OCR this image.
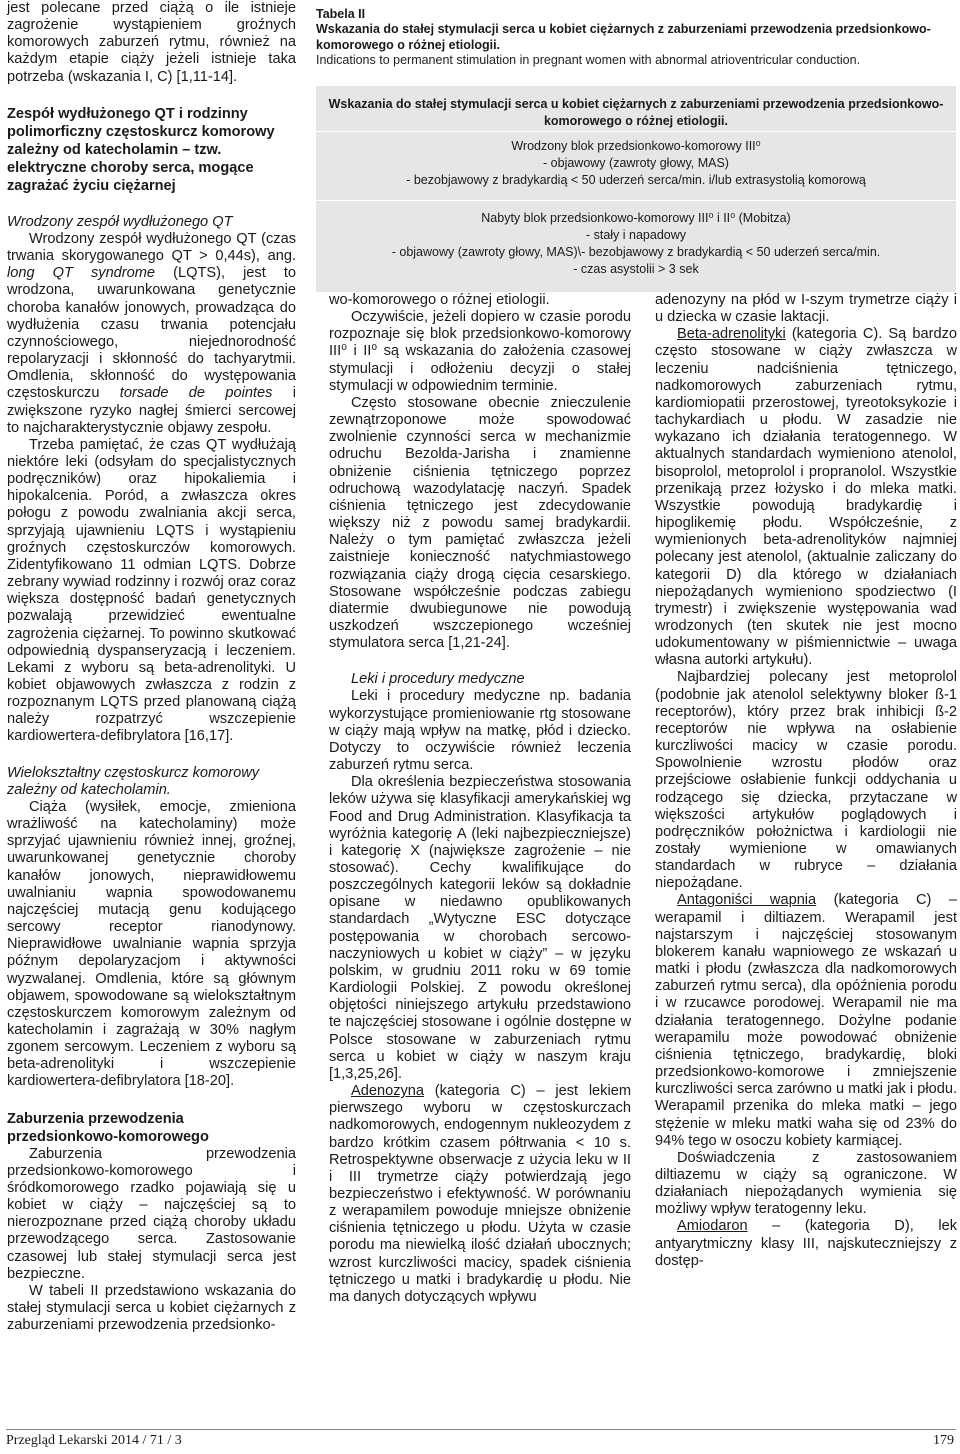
jest polecane przed ciążą o ile istnieje zagrożenie wystąpieniem groźnych komorowych zaburzeń rytmu, również na każdym etapie ciąży jeżeli istnieje taka potrzeba (wskazania I, C) [1,11-14].

Zespół wydłużonego QT i rodzinny polimorficzny częstoskurcz komorowy zależny od katecholamin – tzw. elektryczne choroby serca, mogące zagrażać życiu ciężarnej

Wrodzony zespół wydłużonego QT

Wrodzony zespół wydłużonego QT (czas trwania skorygowanego QT > 0,44s), ang. long QT syndrome (LQTS), jest to wrodzona, uwarunkowana genetycznie choroba kanałów jonowych, prowadząca do wydłużenia czasu trwania potencjału czynnościowego, niejednorodność repolaryzacji i skłonność do tachyarytmii. Omdlenia, skłonność do występowania częstoskurczu torsade de pointes i zwiększone ryzyko nagłej śmierci sercowej to najcharakterystycznie objawy zespołu.

Trzeba pamiętać, że czas QT wydłużają niektóre leki (odsyłam do specjalistycznych podręczników) oraz hipokaliemia i hipokalcenia. Poród, a zwłaszcza okres połogu z powodu zwalniania akcji serca, sprzyjają ujawnieniu LQTS i wystąpieniu groźnych częstoskurczów komorowych. Zidentyfikowano 11 odmian LQTS. Dobrze zebrany wywiad rodzinny i rozwój oraz coraz większa dostępność badań genetycznych pozwalają przewidzieć ewentualne zagrożenia ciężarnej. To powinno skutkować odpowiednią dyspanseryzacją i leczeniem. Lekami z wyboru są beta-adrenolityki. U kobiet objawowych zwłaszcza z rodzin z rozpoznanym LQTS przed planowaną ciążą należy rozpatrzyć wszczepienie kardiowertera-defibrylatora [16,17].

Wielokształtny częstoskurcz komorowy zależny od katecholamin.

Ciąża (wysiłek, emocje, zmieniona wrażliwość na katecholaminy) może sprzyjać ujawnieniu również innej, groźnej, uwarunkowanej genetycznie choroby kanałów jonowych, nieprawidłowemu uwalnianiu wapnia spowodowanemu najczęściej mutacją genu kodującego sercowy receptor rianodynowy. Nieprawidłowe uwalnianie wapnia sprzyja późnym depolaryzacjom i aktywności wyzwalanej. Omdlenia, które są głównym objawem, spowodowane są wielokształtnym częstoskurczem komorowym zależnym od katecholamin i zagrażają w 30% nagłym zgonem sercowym. Leczeniem z wyboru są beta-adrenolityki i wszczepienie kardiowertera-defibrylatora [18-20].

Zaburzenia przewodzenia przedsionkowo-komorowego

Zaburzenia przewodzenia przedsionkowo-komorowego i śródkomorowego rzadko pojawiają się u kobiet w ciąży – najczęściej są to nierozpoznane przed ciążą choroby układu przewodzącego serca. Zastosowanie czasowej lub stałej stymulacji serca jest bezpieczne.

W tabeli II przedstawiono wskazania do stałej stymulacji serca u kobiet ciężarnych z zaburzeniami przewodzenia przedsionko-

Tabela II

Wskazania do stałej stymulacji serca u kobiet ciężarnych z zaburzeniami przewodzenia przedsionkowo-komorowego o różnej etiologii.

Indications to permanent stimulation in pregnant women with abnormal atrioventricular conduction.

Wskazania do stałej stymulacji serca u kobiet ciężarnych z zaburzeniami przewodzenia przedsionkowo-komorowego o różnej etiologii.
Wrodzony blok przedsionkowo-komorowy III⁰
- objawowy (zawroty głowy, MAS)
- bezobjawowy z bradykardią < 50 uderzeń serca/min. i/lub extrasystolią komorową
Nabyty blok przedsionkowo-komorowy III⁰ i II⁰ (Mobitza)
- stały i napadowy
- objawowy (zawroty głowy, MAS)\- bezobjawowy z bradykardią < 50 uderzeń serca/min.
- czas asystolii > 3 sek

wo-komorowego o różnej etiologii.

Oczywiście, jeżeli dopiero w czasie porodu rozpoznaje się blok przedsionkowo-komorowy III⁰ i II⁰ są wskazania do założenia czasowej stymulacji i odłożeniu decyzji o stałej stymulacji w odpowiednim terminie.

Często stosowane obecnie znieczulenie zewnątrzoponowe może spowodować zwolnienie czynności serca w mechanizmie odruchu Bezolda-Jarisha i znamienne obniżenie ciśnienia tętniczego poprzez odruchową wazodylatację naczyń. Spadek ciśnienia tętniczego jest zdecydowanie większy niż z powodu samej bradykardii. Należy o tym pamiętać zwłaszcza jeżeli zaistnieje konieczność natychmiastowego rozwiązania ciąży drogą cięcia cesarskiego. Stosowane współcześnie podczas zabiegu diatermie dwubiegunowe nie powodują uszkodzeń wszczepionego wcześniej stymulatora serca [1,21-24].

Leki i procedury medyczne

Leki i procedury medyczne np. badania wykorzystujące promieniowanie rtg stosowane w ciąży mają wpływ na matkę, płód i dziecko. Dotyczy to oczywiście również leczenia zaburzeń rytmu serca.

Dla określenia bezpieczeństwa stosowania leków używa się klasyfikacji amerykańskiej wg Food and Drug Administration. Klasyfikacja ta wyróżnia kategorię A (leki najbezpieczniejsze) i kategorię X (największe zagrożenie – nie stosować). Cechy kwalifikujące do poszczególnych kategorii leków są dokładnie opisane w niedawno opublikowanych standardach „Wytyczne ESC dotyczące postępowania w chorobach sercowo-naczyniowych u kobiet w ciąży” – w języku polskim, w grudniu 2011 roku w 69 tomie Kardiologii Polskiej. Z powodu określonej objętości niniejszego artykułu przedstawiono te najczęściej stosowane i ogólnie dostępne w Polsce stosowane w zaburzeniach rytmu serca u kobiet w ciąży w naszym kraju [1,3,25,26].

Adenozyna (kategoria C) – jest lekiem pierwszego wyboru w częstoskurczach nadkomorowych, endogennym nukleozydem z bardzo krótkim czasem półtrwania < 10 s. Retrospektywne obserwacje z użycia leku w II i III trymetrze ciąży potwierdzają jego bezpieczeństwo i efektywność. W porównaniu z werapamilem powoduje mniejsze obniżenie ciśnienia tętniczego u płodu. Użyta w czasie porodu ma niewielką ilość działań ubocznych; wzrost kurczliwości macicy, spadek ciśnienia tętniczego u matki i bradykardię u płodu. Nie ma danych dotyczących wpływu

adenozyny na płód w I-szym trymetrze ciąży i u dziecka w czasie laktacji.

Beta-adrenolityki (kategoria C). Są bardzo często stosowane w ciąży zwłaszcza w leczeniu nadciśnienia tętniczego, nadkomorowych zaburzeniach rytmu, kardiomiopatii przerostowej, tyreotoksykozie i tachykardiach u płodu. W zasadzie nie wykazano ich działania teratogennego. W aktualnych standardach wymieniono atenolol, bisoprolol, metoprolol i propranolol. Wszystkie przenikają przez łożysko i do mleka matki. Wszystkie powodują bradykardię i hipoglikemię płodu. Współcześnie, z wymienionych beta-adrenolityków najmniej polecany jest atenolol, (aktualnie zaliczany do kategorii D) dla którego w działaniach niepożądanych wymieniono spodziectwo (I trymestr) i zwiększenie występowania wad wrodzonych (ten skutek nie jest mocno udokumentowany w piśmiennictwie – uwaga własna autorki artykułu).

Najbardziej polecany jest metoprolol (podobnie jak atenolol selektywny bloker ß-1 receptorów), który przez brak inhibicji ß-2 receptorów nie wpływa na osłabienie kurczliwości macicy w czasie porodu. Spowolnienie wzrostu płodów oraz przejściowe osłabienie funkcji oddychania u rodzącego się dziecka, przytaczane w większości artykułów poglądowych i podręczników położnictwa i kardiologii nie zostały wymienione w omawianych standardach w rubryce – działania niepożądane.

Antagoniści wapnia (kategoria C) – werapamil i diltiazem. Werapamil jest najstarszym i najczęściej stosowanym blokerem kanału wapniowego ze wskazań u matki i płodu (zwłaszcza dla nadkomorowych zaburzeń rytmu serca), dla opóźnienia porodu i w rzucawce porodowej. Werapamil nie ma działania teratogennego. Dożylne podanie werapamilu może powodować obniżenie ciśnienia tętniczego, bradykardię, bloki przedsionkowo-komorowe i zmniejszenie kurczliwości serca zarówno u matki jak i płodu. Werapamil przenika do mleka matki – jego stężenie w mleku matki waha się od 23% do 94% tego w osoczu kobiety karmiącej.

Doświadczenia z zastosowaniem diltiazemu w ciąży są ograniczone. W działaniach niepożądanych wymienia się możliwy wpływ teratogenny leku.

Amiodaron – (kategoria D), lek antyarytmiczny klasy III, najskuteczniejszy z dostęp-

Przegląd Lekarski 2014 / 71 / 3	179
